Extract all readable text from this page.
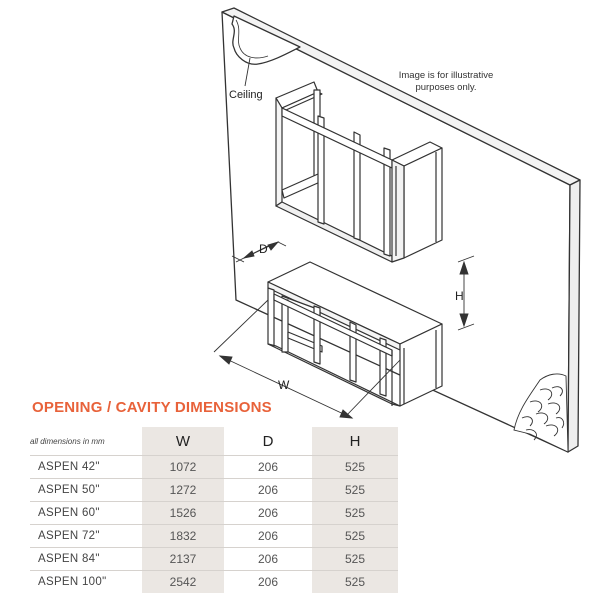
Ceiling
Image is for illustrative purposes only.
D
H
W
OPENING / CAVITY DIMENSIONS
all dimensions in mm	W	D	H
ASPEN 42"	1072	206	525
ASPEN 50"	1272	206	525
ASPEN 60"	1526	206	525
ASPEN 72"	1832	206	525
ASPEN 84"	2137	206	525
ASPEN 100"	2542	206	525
